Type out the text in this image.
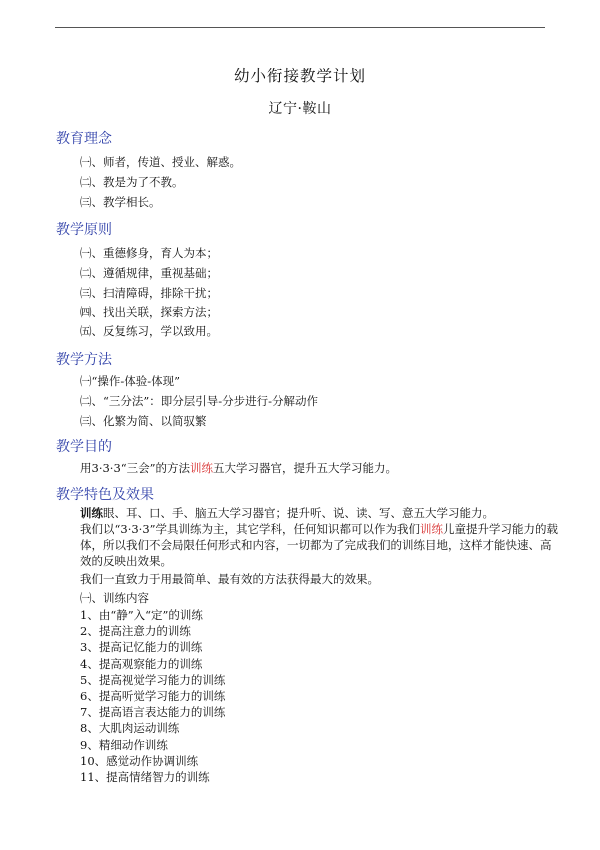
幼小衔接教学计划
辽宁·鞍山
教育理念
㈠、师者，传道、授业、解惑。
㈡、教是为了不教。
㈢、教学相长。
教学原则
㈠、重德修身，育人为本；
㈡、遵循规律，重视基础；
㈢、扫清障碍，排除干扰；
㈣、找出关联，探索方法；
㈤、反复练习，学以致用。
教学方法
㈠“操作-体验-体现”
㈡、“三分法”：即分层引导-分步进行-分解动作
㈢、化繁为简、以简驭繁
教学目的
用3·3·3“三会”的方法训练五大学习器官，提升五大学习能力。
教学特色及效果
训练眼、耳、口、手、脑五大学习器官；提升听、说、读、写、意五大学习能力。
我们以“3·3·3”学具训练为主，其它学科，任何知识都可以作为我们训练儿童提升学习能力的载体，所以我们不会局限任何形式和内容，一切都为了完成我们的训练目地，这样才能快速、高效的反映出效果。
我们一直致力于用最简单、最有效的方法获得最大的效果。
㈠、训练内容
1、由“静”入“定”的训练
2、提高注意力的训练
3、提高记忆能力的训练
4、提高观察能力的训练
5、提高视觉学习能力的训练
6、提高听觉学习能力的训练
7、提高语言表达能力的训练
8、大肌肉运动训练
9、精细动作训练
10、感觉动作协调训练
11、提高情绪智力的训练
